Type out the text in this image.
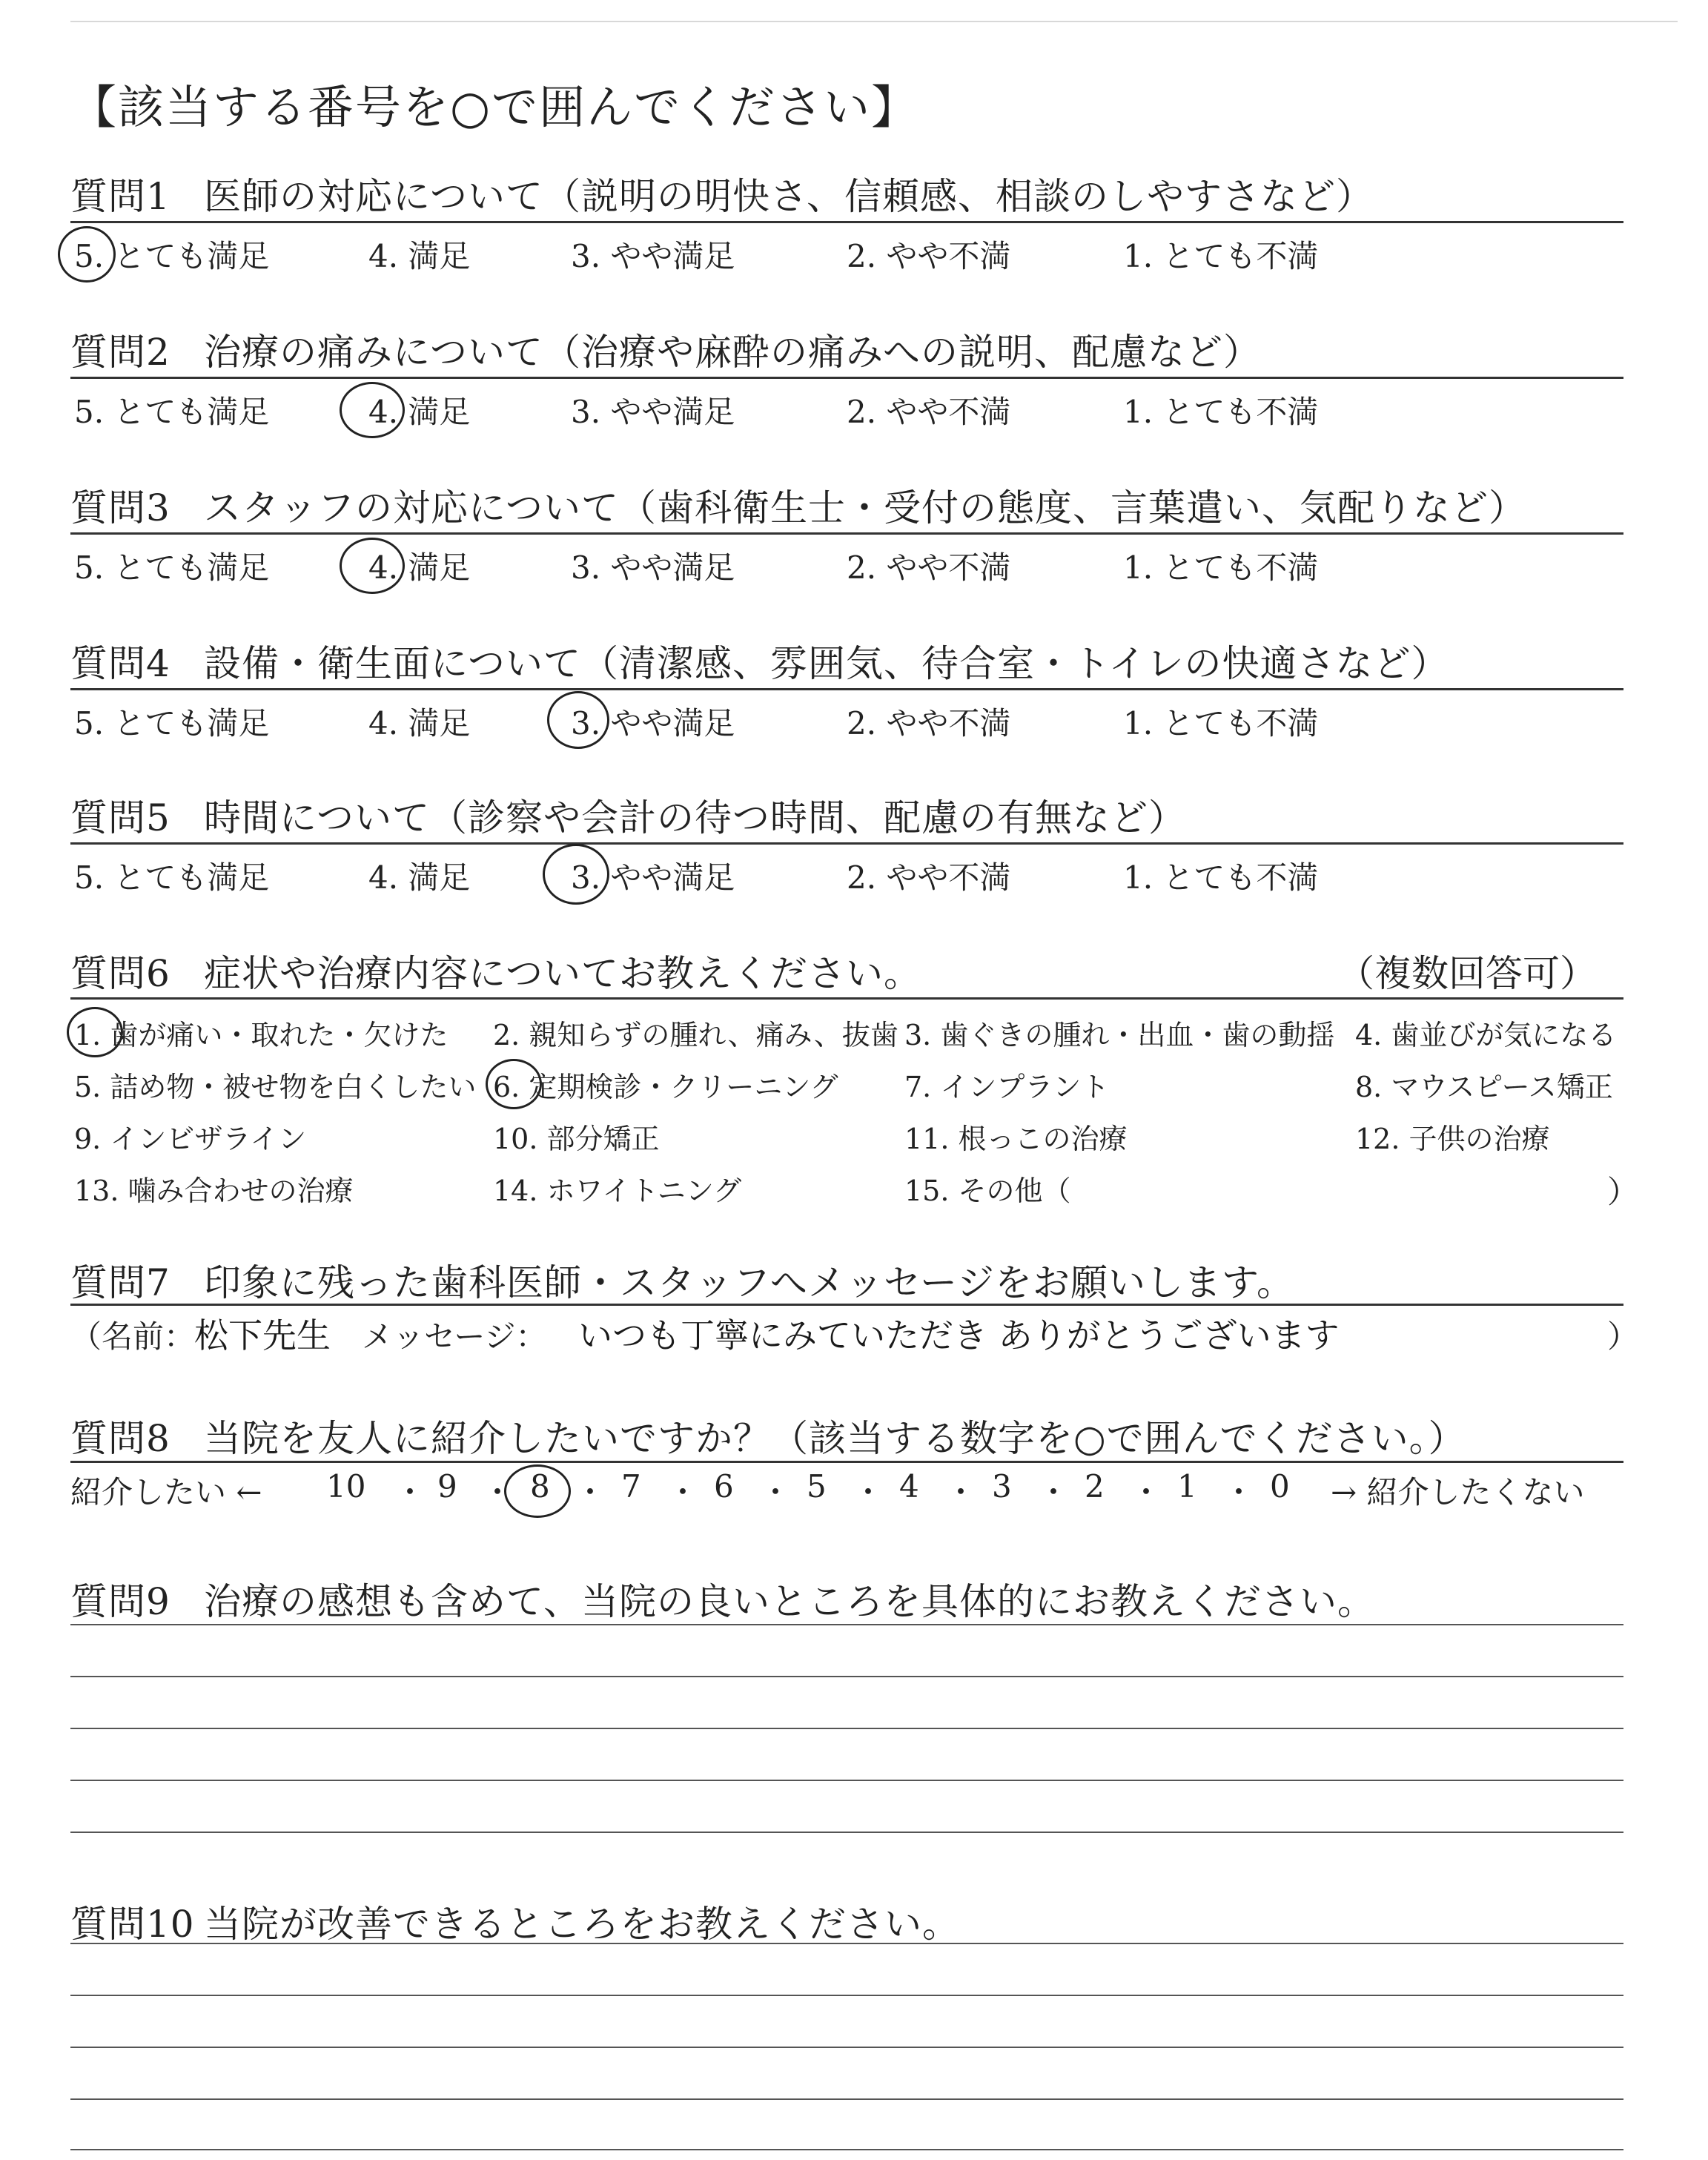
【該当する番号を○で囲んでください】
質問1 医師の対応について（説明の明快さ、信頼感、相談のしやすさなど）
5. とても満足	4. 満足	3. やや満足	2. やや不満	1. とても不満
質問2 治療の痛みについて（治療や麻酔の痛みへの説明、配慮など）
5. とても満足	4. 満足	3. やや満足	2. やや不満	1. とても不満
質問3 スタッフの対応について（歯科衛生士・受付の態度、言葉遣い、気配りなど）
5. とても満足	4. 満足	3. やや満足	2. やや不満	1. とても不満
質問4 設備・衛生面について（清潔感、雰囲気、待合室・トイレの快適さなど）
5. とても満足	4. 満足	3. やや満足	2. やや不満	1. とても不満
質問5 時間について（診察や会計の待つ時間、配慮の有無など）
5. とても満足	4. 満足	3. やや満足	2. やや不満	1. とても不満
質問6 症状や治療内容についてお教えください。	（複数回答可）
1. 歯が痛い・取れた・欠けた 2. 親知らずの腫れ、痛み、抜歯 3. 歯ぐきの腫れ・出血・歯の動揺 4. 歯並びが気になる
5. 詰め物・被せ物を白くしたい 6. 定期検診・クリーニング 7. インプラント	8. マウスピース矯正
9. インビザライン	10. 部分矯正	11. 根っこの治療	12. 子供の治療
13. 噛み合わせの治療	14. ホワイトニング	15. その他（	）
質問7 印象に残った歯科医師・スタッフへメッセージをお願いします。
（名前：
松下先生 メッセージ： いつも丁寧にみていただき ありがとうございます	）
質問8 当院を友人に紹介したいですか？（該当する数字を○で囲んでください。）
紹介したい ← 10 ・ 9 ・ 8 ・ 7 ・ 6 ・ 5 ・ 4 ・ 3 ・ 2 ・ 1 ・ 0 → 紹介したくない
質問9 治療の感想も含めて、当院の良いところを具体的にお教えください。
質問10 当院が改善できるところをお教えください。
